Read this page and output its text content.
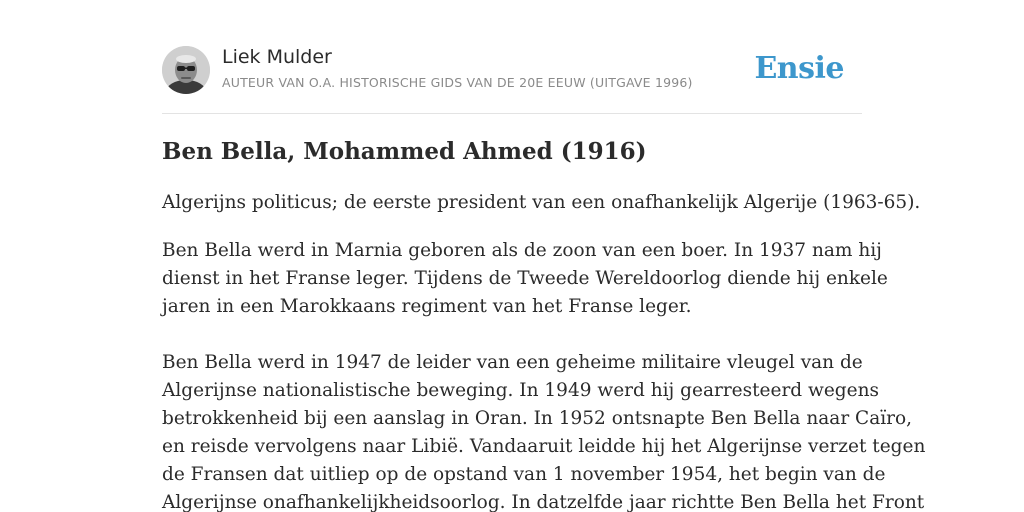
Liek Mulder
AUTEUR VAN O.A. HISTORISCHE GIDS VAN DE 20E EEUW (UITGAVE 1996) Ensie
Ben Bella, Mohammed Ahmed (1916)

Algerijns politicus; de eerste president van een onafhankelijk Algerije (1963-65).

Ben Bella werd in Marnia geboren als de zoon van een boer. In 1937 nam hij
dienst in het Franse leger. Tijdens de Tweede Wereldoorlog diende hij enkele
jaren in een Marokkaans regiment van het Franse leger.
Ben Bella werd in 1947 de leider van een geheime militaire vleugel van de
Algerijnse nationalistische beweging. In 1949 werd hij gearresteerd wegens
betrokkenheid bij een aanslag in Oran. In 1952 ontsnapte Ben Bella naar Caïro,
en reisde vervolgens naar Libië. Vandaaruit leidde hij het Algerijnse verzet tegen
de Fransen dat uitliep op de opstand van 1 november 1954, het begin van de
Algerijnse onafhankelijkheidsoorlog. In datzelfde jaar richtte Ben Bella het Front
